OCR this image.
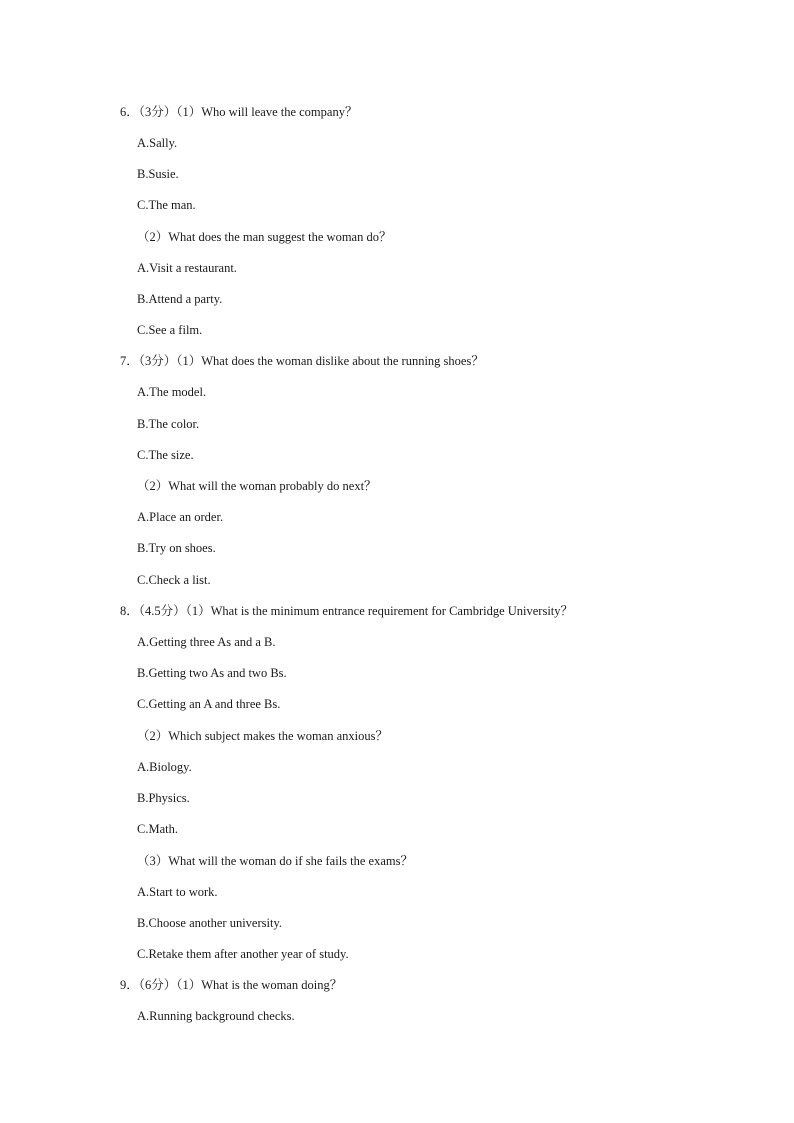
6．（3分）（1）Who will leave the company？
A.Sally.
B.Susie.
C.The man.
（2）What does the man suggest the woman do？
A.Visit a restaurant.
B.Attend a party.
C.See a film.
7．（3分）（1）What does the woman dislike about the running shoes？
A.The model.
B.The color.
C.The size.
（2）What will the woman probably do next？
A.Place an order.
B.Try on shoes.
C.Check a list.
8．（4.5分）（1）What is the minimum entrance requirement for Cambridge University？
A.Getting three As and a B.
B.Getting two As and two Bs.
C.Getting an A and three Bs.
（2）Which subject makes the woman anxious？
A.Biology.
B.Physics.
C.Math.
（3）What will the woman do if she fails the exams？
A.Start to work.
B.Choose another university.
C.Retake them after another year of study.
9．（6分）（1）What is the woman doing？
A.Running background checks.
